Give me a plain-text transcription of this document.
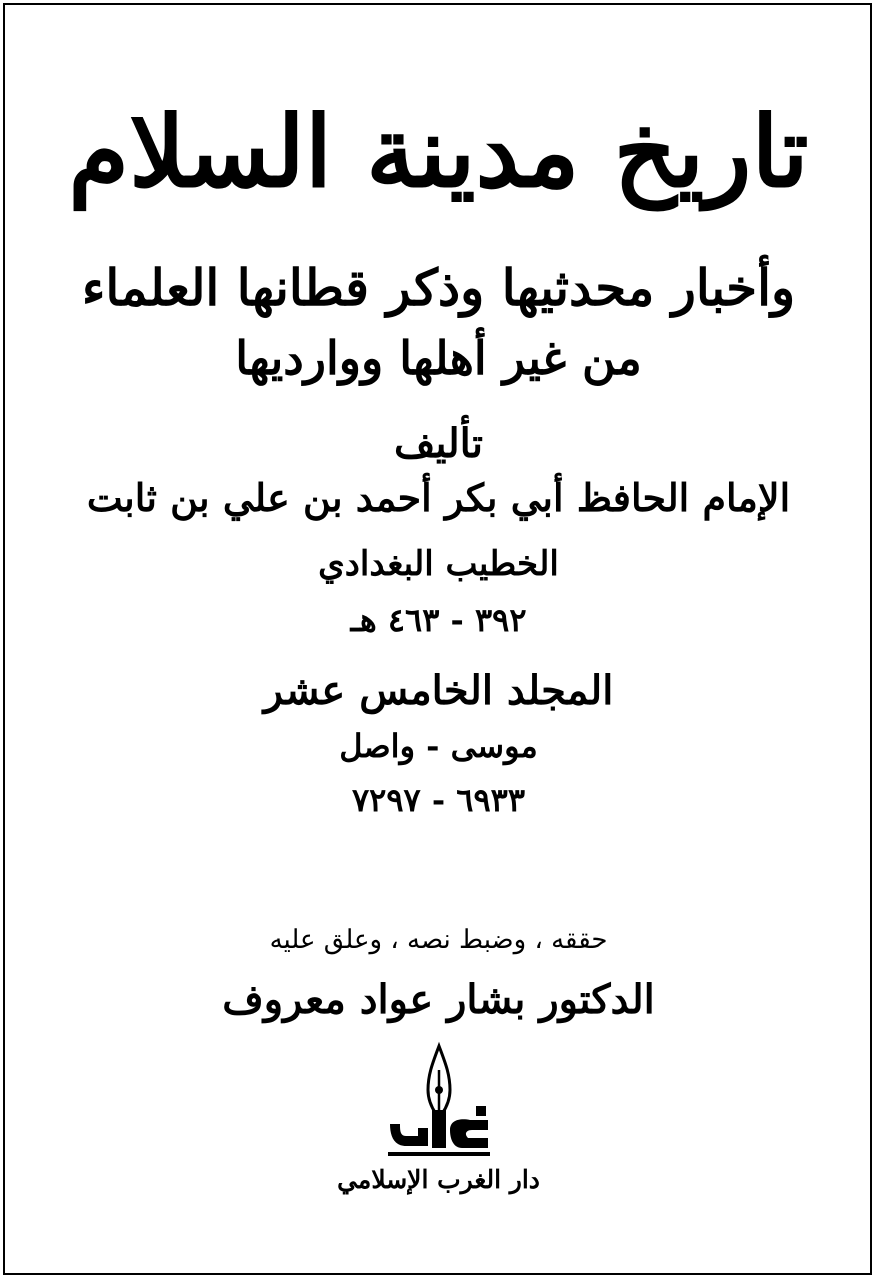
تاريخ مدينة السلام
وأخبار محدثيها وذكر قطانها العلماء
من غير أهلها ووارديها
تأليف
الإمام الحافظ أبي بكر أحمد بن علي بن ثابت
الخطيب البغدادي
٣٩٢ - ٤٦٣ هـ
المجلد الخامس عشر
موسى - واصل
٦٩٣٣ - ٧٢٩٧
حققه ، وضبط نصه ، وعلق عليه
الدكتور بشار عواد معروف
دار الغرب الإسلامي
